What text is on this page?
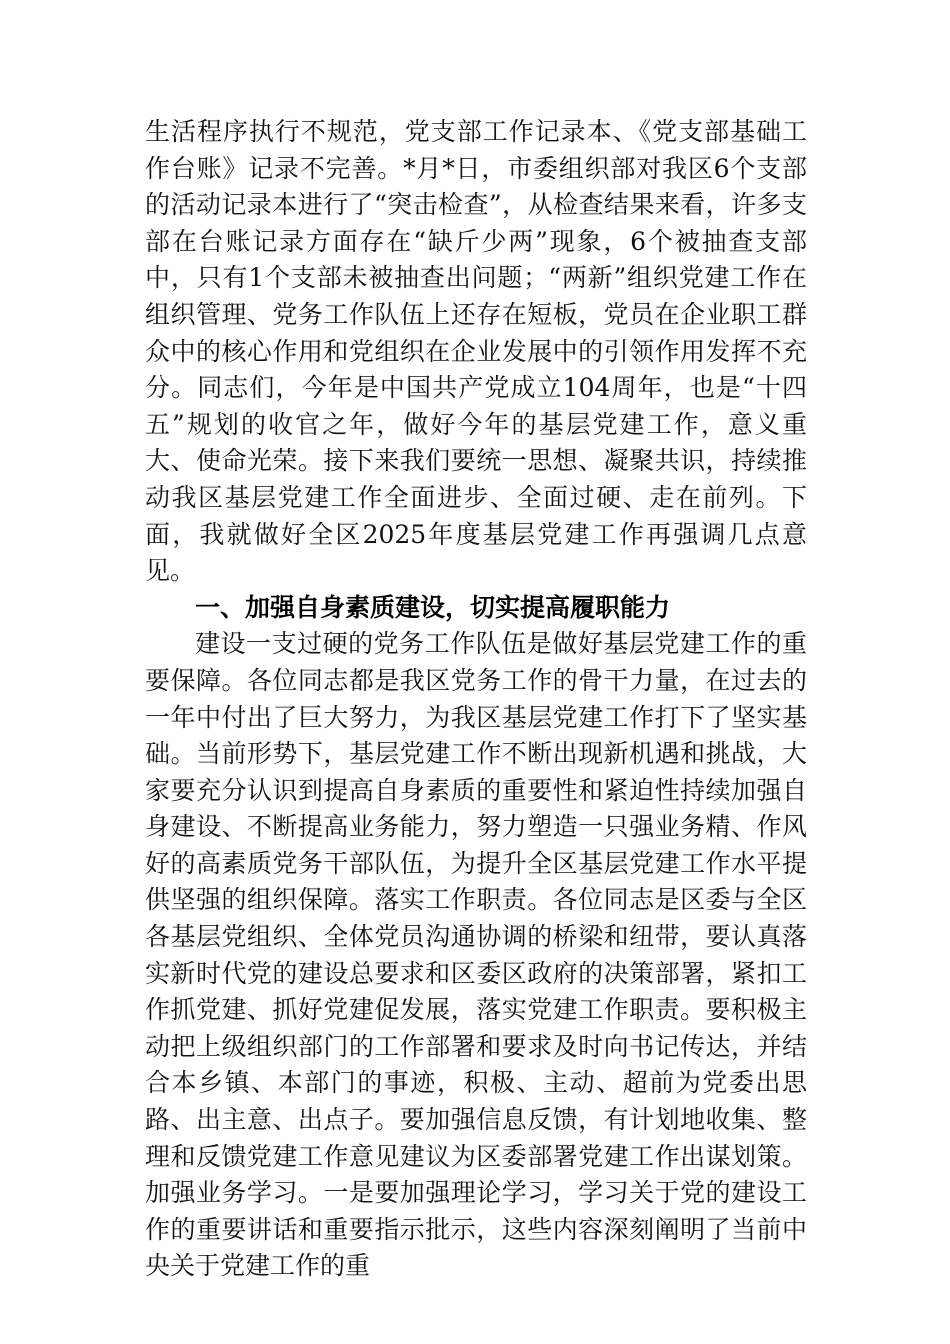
生活程序执行不规范，党支部工作记录本、《党支部基础工作台账》记录不完善。*月*日，市委组织部对我区6个支部的活动记录本进行了“突击检查”，从检查结果来看，许多支部在台账记录方面存在“缺斤少两”现象，6个被抽查支部中，只有1个支部未被抽查出问题；“两新”组织党建工作在组织管理、党务工作队伍上还存在短板，党员在企业职工群众中的核心作用和党组织在企业发展中的引领作用发挥不充分。同志们，今年是中国共产党成立104周年，也是“十四五”规划的收官之年，做好今年的基层党建工作，意义重大、使命光荣。接下来我们要统一思想、凝聚共识，持续推动我区基层党建工作全面进步、全面过硬、走在前列。下面，我就做好全区2025年度基层党建工作再强调几点意见。

一、加强自身素质建设，切实提高履职能力

建设一支过硬的党务工作队伍是做好基层党建工作的重要保障。各位同志都是我区党务工作的骨干力量，在过去的一年中付出了巨大努力，为我区基层党建工作打下了坚实基础。当前形势下，基层党建工作不断出现新机遇和挑战，大家要充分认识到提高自身素质的重要性和紧迫性持续加强自身建设、不断提高业务能力，努力塑造一只强业务精、作风好的高素质党务干部队伍，为提升全区基层党建工作水平提供坚强的组织保障。落实工作职责。各位同志是区委与全区各基层党组织、全体党员沟通协调的桥梁和纽带，要认真落实新时代党的建设总要求和区委区政府的决策部署，紧扣工作抓党建、抓好党建促发展，落实党建工作职责。要积极主动把上级组织部门的工作部署和要求及时向书记传达，并结合本乡镇、本部门的事迹，积极、主动、超前为党委出思路、出主意、出点子。要加强信息反馈，有计划地收集、整理和反馈党建工作意见建议为区委部署党建工作出谋划策。加强业务学习。一是要加强理论学习，学习关于党的建设工作的重要讲话和重要指示批示，这些内容深刻阐明了当前中央关于党建工作的重
